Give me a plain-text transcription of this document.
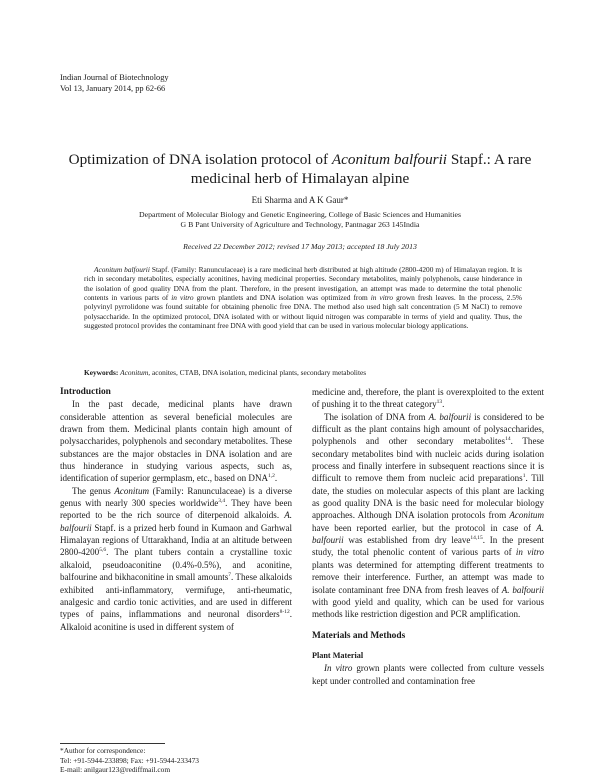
Indian Journal of Biotechnology
Vol 13, January 2014, pp 62-66
Optimization of DNA isolation protocol of Aconitum balfourii Stapf.: A rare
medicinal herb of Himalayan alpine
Eti Sharma and A K Gaur*
Department of Molecular Biology and Genetic Engineering, College of Basic Sciences and Humanities
G B Pant University of Agriculture and Technology, Pantnagar 263 145India
Received 22 December 2012; revised 17 May 2013; accepted 18 July 2013

Aconitum balfourii Stapf. (Family: Ranunculaceae) is a rare medicinal herb distributed at high altitude (2800-4200 m) of Himalayan region. It is rich in secondary metabolites, especially aconitines, having medicinal properties. Secondary metabolites, mainly polyphenols, cause hinderance in the isolation of good quality DNA from the plant. Therefore, in the present investigation, an attempt was made to determine the total phenolic contents in various parts of in vitro grown plantlets and DNA isolation was optimized from in vitro grown fresh leaves. In the process, 2.5% polyvinyl pyrrolidone was found suitable for obtaining phenolic free DNA. The method also used high salt concentration (5 M NaCl) to remove polysaccharide. In the optimized protocol, DNA isolated with or without liquid nitrogen was comparable in terms of yield and quality. Thus, the suggested protocol provides the contaminant free DNA with good yield that can be used in various molecular biology applications.

Keywords: Aconitum, aconites, CTAB, DNA isolation, medicinal plants, secondary metabolites

Introduction

In the past decade, medicinal plants have drawn considerable attention as several beneficial molecules are drawn from them. Medicinal plants contain high amount of polysaccharides, polyphenols and secondary metabolites. These substances are the major obstacles in DNA isolation and are thus hinderance in studying various aspects, such as, identification of superior germplasm, etc., based on DNA$^{1,2}$.

The genus Aconitum (Family: Ranunculaceae) is a diverse genus with nearly 300 species worldwide$^{3,4}$. They have been reported to be the rich source of diterpenoid alkaloids. A. balfourii Stapf. is a prized herb found in Kumaon and Garhwal Himalayan regions of Uttarakhand, India at an altitude between 2800-4200$^{5,6}$. The plant tubers contain a crystalline toxic alkaloid, pseudoaconitine (0.4%-0.5%), and aconitine, balfourine and bikhaconitine in small amounts$^7$. These alkaloids exhibited anti-inflammatory, vermifuge, anti-rheumatic, analgesic and cardio tonic activities, and are used in different types of pains, inflammations and neuronal disorders$^{8-12}$. Alkaloid aconitine is used in different system of

medicine and, therefore, the plant is overexploited to the extent of pushing it to the threat category$^{13}$.

The isolation of DNA from A. balfourii is considered to be difficult as the plant contains high amount of polysaccharides, polyphenols and other secondary metabolites$^{14}$. These secondary metabolites bind with nucleic acids during isolation process and finally interfere in subsequent reactions since it is difficult to remove them from nucleic acid preparations$^1$. Till date, the studies on molecular aspects of this plant are lacking as good quality DNA is the basic need for molecular biology approaches. Although DNA isolation protocols from Aconitum have been reported earlier, but the protocol in case of A. balfourii was established from dry leave$^{14,15}$. In the present study, the total phenolic content of various parts of in vitro plants was determined for attempting different treatments to remove their interference. Further, an attempt was made to isolate contaminant free DNA from fresh leaves of A. balfourii with good yield and quality, which can be used for various methods like restriction digestion and PCR amplification.

Materials and Methods
Plant Material

In vitro grown plants were collected from culture vessels kept under controlled and contamination free

*Author for correspondence:
Tel: +91-5944-233898; Fax: +91-5944-233473
E-mail: anilgaur123@rediffmail.com
